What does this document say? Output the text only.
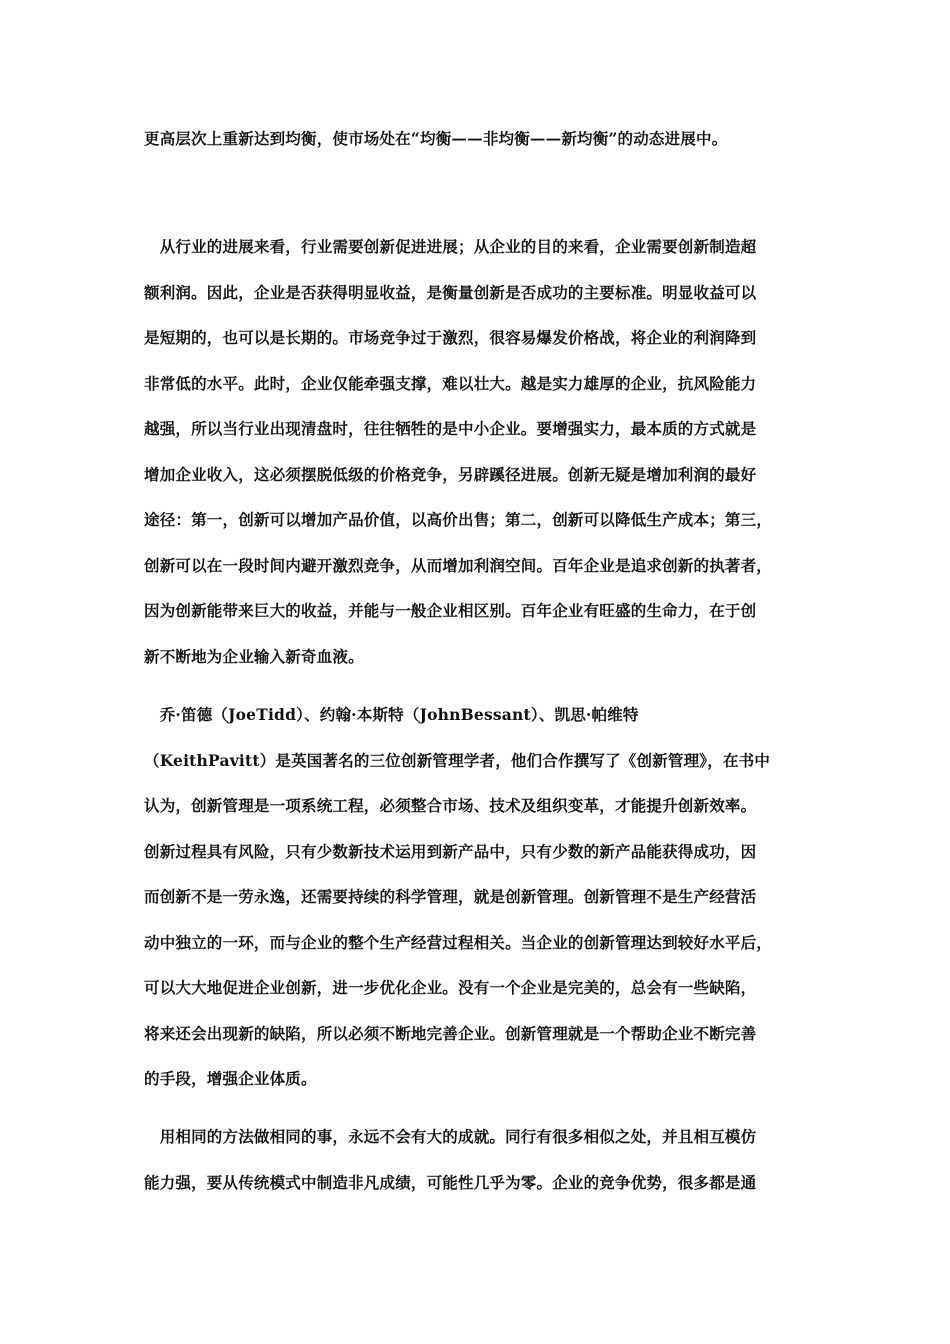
更高层次上重新达到均衡，使市场处在“均衡——非均衡——新均衡”的动态进展中。
　从行业的进展来看，行业需要创新促进进展；从企业的目的来看，企业需要创新制造超
额利润。因此，企业是否获得明显收益，是衡量创新是否成功的主要标准。明显收益可以
是短期的，也可以是长期的。市场竞争过于激烈，很容易爆发价格战，将企业的利润降到
非常低的水平。此时，企业仅能牵强支撑，难以壮大。越是实力雄厚的企业，抗风险能力
越强，所以当行业出现清盘时，往往牺牲的是中小企业。要增强实力，最本质的方式就是
增加企业收入，这必须摆脱低级的价格竞争，另辟蹊径进展。创新无疑是增加利润的最好
途径：第一，创新可以增加产品价值，以高价出售；第二，创新可以降低生产成本；第三，
创新可以在一段时间内避开激烈竞争，从而增加利润空间。百年企业是追求创新的执著者，
因为创新能带来巨大的收益，并能与一般企业相区别。百年企业有旺盛的生命力，在于创
新不断地为企业输入新奇血液。
　乔·笛德（JoeTidd）、约翰·本斯特（JohnBessant）、凯思·帕维特
（KeithPavitt）是英国著名的三位创新管理学者，他们合作撰写了《创新管理》，在书中
认为，创新管理是一项系统工程，必须整合市场、技术及组织变革，才能提升创新效率。
创新过程具有风险，只有少数新技术运用到新产品中，只有少数的新产品能获得成功，因
而创新不是一劳永逸，还需要持续的科学管理，就是创新管理。创新管理不是生产经营活
动中独立的一环，而与企业的整个生产经营过程相关。当企业的创新管理达到较好水平后，
可以大大地促进企业创新，进一步优化企业。没有一个企业是完美的，总会有一些缺陷，
将来还会出现新的缺陷，所以必须不断地完善企业。创新管理就是一个帮助企业不断完善
的手段，增强企业体质。
　用相同的方法做相同的事，永远不会有大的成就。同行有很多相似之处，并且相互模仿
能力强，要从传统模式中制造非凡成绩，可能性几乎为零。企业的竞争优势，很多都是通
